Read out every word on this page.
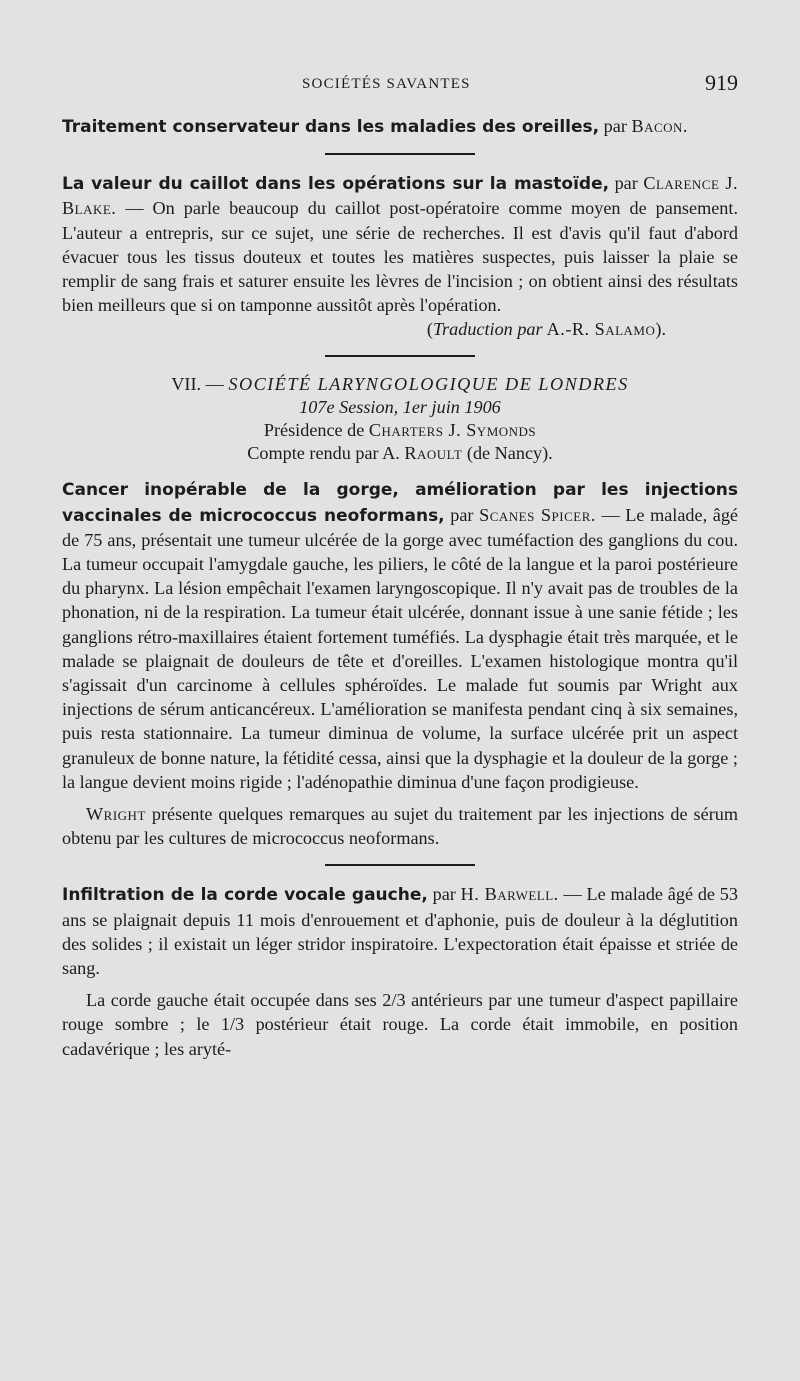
SOCIÉTÉS SAVANTES	919

Traitement conservateur dans les maladies des oreilles, par Bacon.

La valeur du caillot dans les opérations sur la mastoïde, par Clarence J. Blake. — On parle beaucoup du caillot post-opératoire comme moyen de pansement. L'auteur a entrepris, sur ce sujet, une série de recherches. Il est d'avis qu'il faut d'abord évacuer tous les tissus douteux et toutes les matières suspectes, puis laisser la plaie se remplir de sang frais et saturer ensuite les lèvres de l'incision ; on obtient ainsi des résultats bien meilleurs que si on tamponne aussitôt après l'opération.

(Traduction par A.-R. Salamo).
VII. — SOCIÉTÉ LARYNGOLOGIQUE DE LONDRES
107e Session, 1er juin 1906
Présidence de Charters J. Symonds
Compte rendu par A. Raoult (de Nancy).

Cancer inopérable de la gorge, amélioration par les injections vaccinales de micrococcus neoformans, par Scanes Spicer. — Le malade, âgé de 75 ans, présentait une tumeur ulcérée de la gorge avec tuméfaction des ganglions du cou. La tumeur occupait l'amygdale gauche, les piliers, le côté de la langue et la paroi postérieure du pharynx. La lésion empêchait l'examen laryngoscopique. Il n'y avait pas de troubles de la phonation, ni de la respiration. La tumeur était ulcérée, donnant issue à une sanie fétide ; les ganglions rétro-maxillaires étaient fortement tuméfiés. La dysphagie était très marquée, et le malade se plaignait de douleurs de tête et d'oreilles. L'examen histologique montra qu'il s'agissait d'un carcinome à cellules sphéroïdes. Le malade fut soumis par Wright aux injections de sérum anticancéreux. L'amélioration se manifesta pendant cinq à six semaines, puis resta stationnaire. La tumeur diminua de volume, la surface ulcérée prit un aspect granuleux de bonne nature, la fétidité cessa, ainsi que la dysphagie et la douleur de la gorge ; la langue devient moins rigide ; l'adénopathie diminua d'une façon prodigieuse.

Wright présente quelques remarques au sujet du traitement par les injections de sérum obtenu par les cultures de micrococcus neoformans.

Infiltration de la corde vocale gauche, par H. Barwell. — Le malade âgé de 53 ans se plaignait depuis 11 mois d'enrouement et d'aphonie, puis de douleur à la déglutition des solides ; il existait un léger stridor inspiratoire. L'expectoration était épaisse et striée de sang.

La corde gauche était occupée dans ses 2/3 antérieurs par une tumeur d'aspect papillaire rouge sombre ; le 1/3 postérieur était rouge. La corde était immobile, en position cadavérique ; les aryté-
